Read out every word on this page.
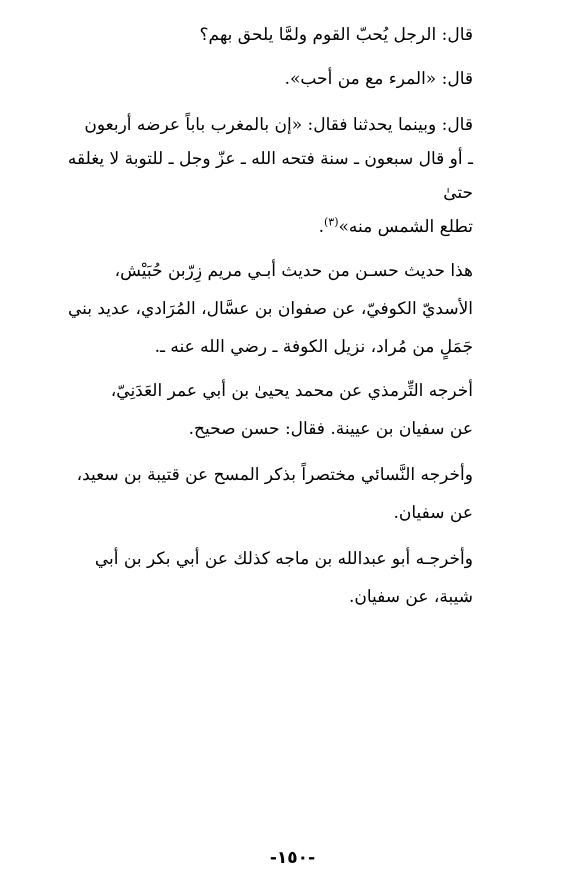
قال: الرجل يُحبّ القوم ولمَّا يلحق بهم؟

قال: «المرء مع من أحب».

قال: وبينما يحدثنا فقال: «إن بالمغرب باباً عرضه أربعون
ـ أو قال سبعون ـ سنة فتحه الله ـ عزّ وجل ـ للتوبة لا يغلقه حتىٰ
تطلع الشمس منه»$^{(٣)}$.

هذا حديث حسـن من حديث أبـي مريم زِرّبن حُبَيْش،
الأسديّ الكوفيّ، عن صفوان بن عسَّال، المُرَادي، عديد بني
جَمَلٍ من مُراد، نزيل الكوفة ـ رضي الله عنه ـ.

أخرجه التِّرمذي عن محمد يحيىٰ بن أبي عمر العَدَنِيّ،
عن سفيان بن عيينة. فقال: حسن صحيح.

وأخرجه النَّسائي مختصراً بذكر المسح عن قتيبة بن سعيد،
عن سفيان.

وأخرجـه أبو عبدالله بن ماجه كذلك عن أبي بكر بن أبي
شيبة، عن سفيان.

-١٥٠-
